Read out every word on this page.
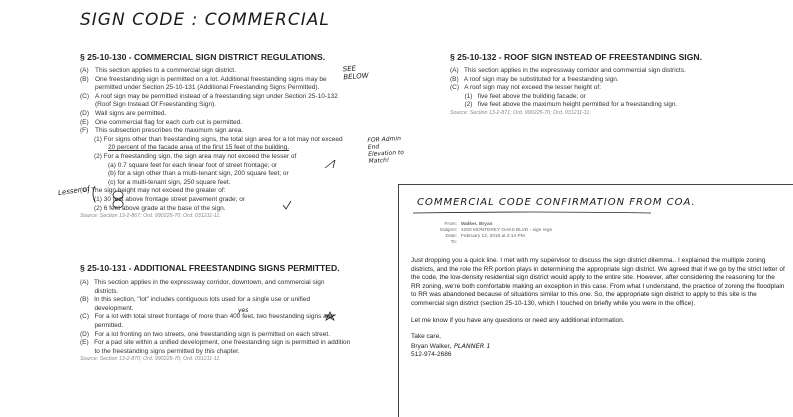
SIGN CODE : COMMERCIAL
§ 25-10-130 - COMMERCIAL SIGN DISTRICT REGULATIONS.
(A) This section applies to a commercial sign district.
(B) One freestanding sign is permitted on a lot. Additional freestanding signs may be
permitted under Section 25-10-131 (Additional Freestanding Signs Permitted).
(C) A roof sign may be permitted instead of a freestanding sign under Section 25-10-132
(Roof Sign Instead Of Freestanding Sign).
(D) Wall signs are permitted.
(E) One commercial flag for each curb cut is permitted.
(F)	This subsection prescribes the maximum sign area.
(1) For signs other than freestanding signs, the total sign area for a lot may not exceed
20 percent of the facade area of the first 15 feet of the building.
(2) For a freestanding sign, the sign area may not exceed the lesser of
(a) 0.7 square feet for each linear foot of street frontage; or
(b) for a sign other than a multi-tenant sign, 200 square feet; or
(c) for a multi-tenant sign, 250 square feet.
(G) The sign height may not exceed the greater of:
(1) 30 feet above frontage street pavement grade; or
(2) 6 feet above grade at the base of the sign.
Source: Section 13-2-867; Ord. 990225-70; Ord. 031211-11.
§ 25-10-131 - ADDITIONAL FREESTANDING SIGNS PERMITTED.
(A)   This section applies in the expressway corridor, downtown, and commercial sign
districts.
(B)   In this section, "lot" includes contiguous lots used for a single use or unified
development.
(C)   For a lot with total street frontage of more than 400 feet, two freestanding signs are
permitted.
(D)   For a lot fronting on two streets, one freestanding sign is permitted on each street.
(E)   For a pad site within a unified development, one freestanding sign is permitted in addition
to the freestanding signs permitted by this chapter.
Source: Section 13-2-870; Ord. 990225-70; Ord. 031211-11.
§ 25-10-132 - ROOF SIGN INSTEAD OF FREESTANDING SIGN.
(A)   This section applies in the expressway corridor and commercial sign districts.
(B)   A roof sign may be substituted for a freestanding sign.
(C)   A roof sign may not exceed the lesser height of:
(1)   five feet above the building facade; or
(2)   five feet above the maximum height permitted for a freestanding sign.
Source: Section 13-2-871; Ord. 990225-70; Ord. 031211-11.
SEE BELOW
FOR Admin End Elevation to Match!
Lesser of
yes
COMMERCIAL CODE CONFIRMATION FROM COA.
From: Walker, Bryan
Subject: 4200 MONTEREY OAKS BLVD - sign regs
Date: February 12, 2015 at 2:14 PM
To:

Just dropping you a quick line. I met with my supervisor to discuss the sign district dilemma.. I explained the multiple zoning districts, and the role the RR portion plays in determining the appropriate sign district. We agreed that if we go by the strict letter of the code, the low-density residential sign district would apply to the entire site. However, after considering the reasoning for the RR zoning, we're both comfortable making an exception in this case. From what I understand, the practice of zoning the floodplain to RR was abandoned because of situations similar to this one. So, the appropriate sign district to apply to this site is the commercial sign district (section 25-10-130, which I touched on briefly while you were in the office).

Let me know if you have any questions or need any additional information.

Take care,
Bryan Walker, PLANNER 1
512-974-2686
